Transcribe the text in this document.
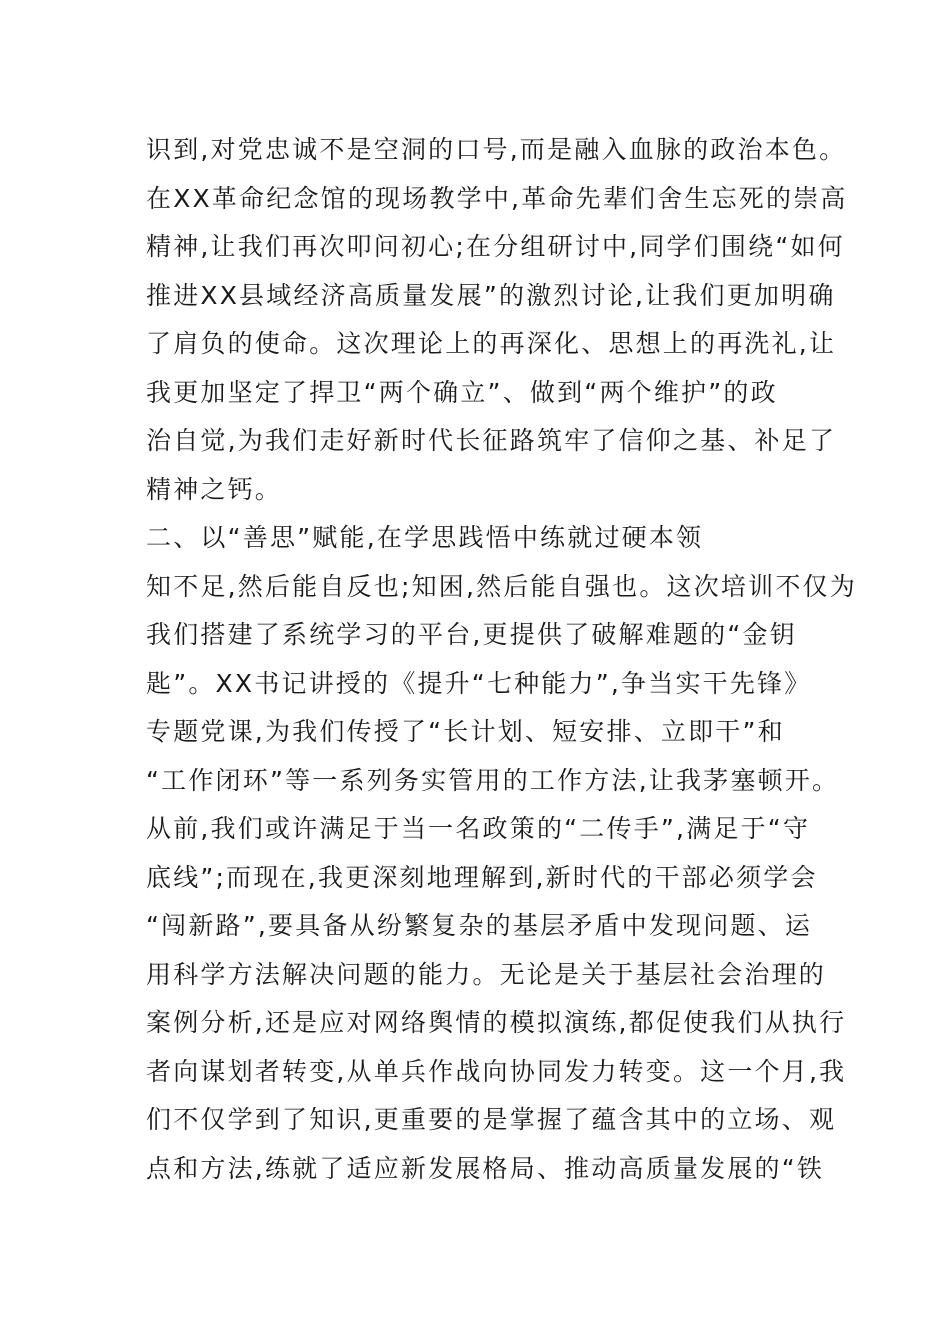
识到,对党忠诚不是空洞的口号,而是融入血脉的政治本色。
在XX革命纪念馆的现场教学中,革命先辈们舍生忘死的崇高
精神,让我们再次叩问初心;在分组研讨中,同学们围绕“如何
推进XX县域经济高质量发展”的激烈讨论,让我们更加明确
了肩负的使命。这次理论上的再深化、思想上的再洗礼,让
我更加坚定了捍卫“两个确立”、做到“两个维护”的政
治自觉,为我们走好新时代长征路筑牢了信仰之基、补足了
精神之钙。
二、以“善思”赋能,在学思践悟中练就过硬本领
知不足,然后能自反也;知困,然后能自强也。这次培训不仅为
我们搭建了系统学习的平台,更提供了破解难题的“金钥
匙”。XX书记讲授的《提升“七种能力”,争当实干先锋》
专题党课,为我们传授了“长计划、短安排、立即干”和
“工作闭环”等一系列务实管用的工作方法,让我茅塞顿开。
从前,我们或许满足于当一名政策的“二传手”,满足于“守
底线”;而现在,我更深刻地理解到,新时代的干部必须学会
“闯新路”,要具备从纷繁复杂的基层矛盾中发现问题、运
用科学方法解决问题的能力。无论是关于基层社会治理的
案例分析,还是应对网络舆情的模拟演练,都促使我们从执行
者向谋划者转变,从单兵作战向协同发力转变。这一个月,我
们不仅学到了知识,更重要的是掌握了蕴含其中的立场、观
点和方法,练就了适应新发展格局、推动高质量发展的“铁
